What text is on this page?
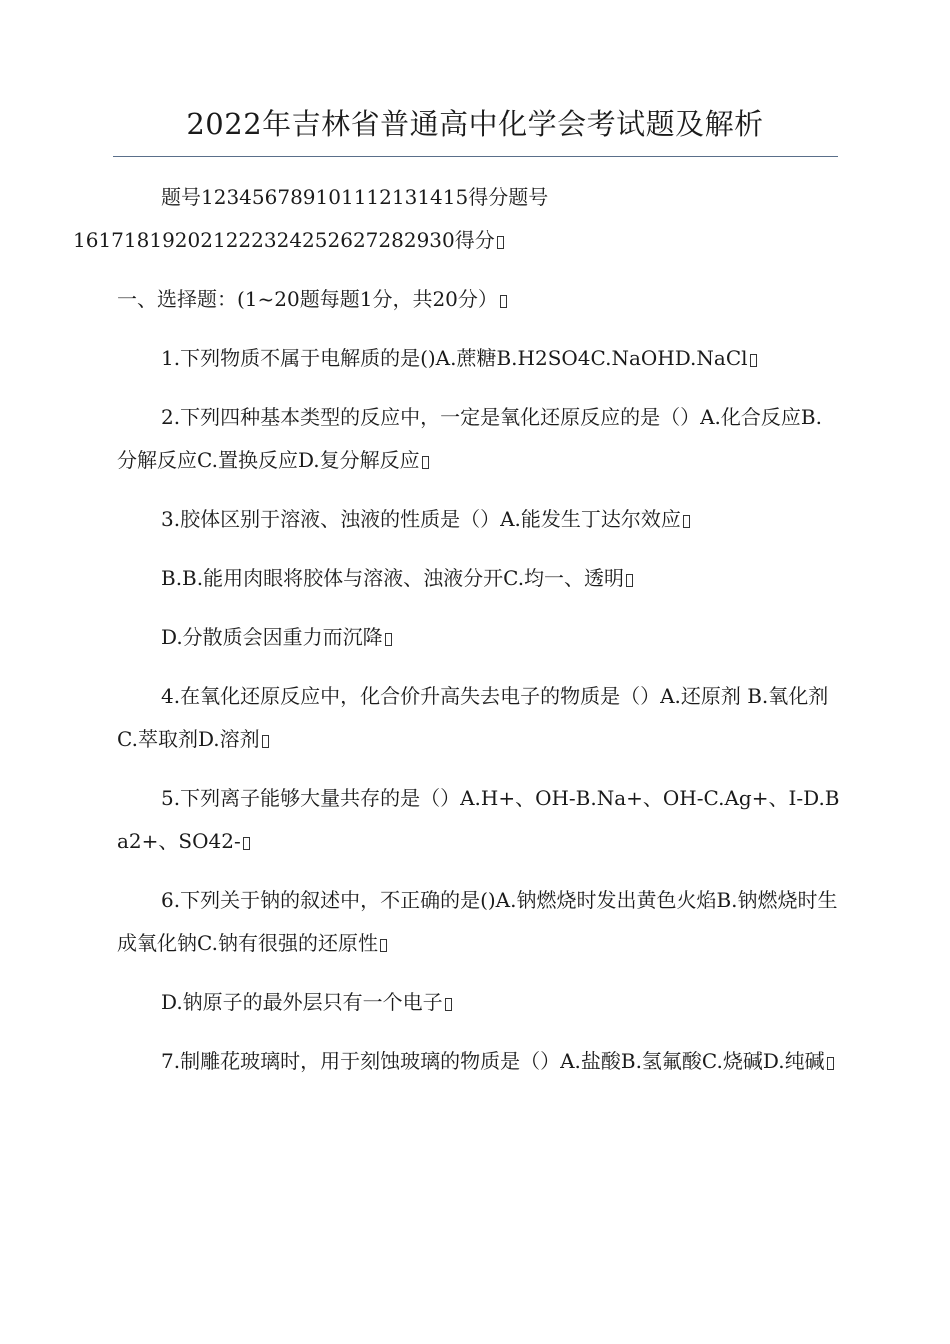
2022年吉林省普通高中化学会考试题及解析

题号123456789101112131415得分题号
161718192021222324252627282930得分

一、选择题：(1~20题每题1分，共20分）

1.下列物质不属于电解质的是()A.蔗糖B.H2SO4C.NaOHD.NaCl

2.下列四种基本类型的反应中，一定是氧化还原反应的是（）A.化合反应B.分解反应C.置换反应D.复分解反应

3.胶体区别于溶液、浊液的性质是（）A.能发生丁达尔效应

B.B.能用肉眼将胶体与溶液、浊液分开C.均一、透明

D.分散质会因重力而沉降

4.在氧化还原反应中，化合价升高失去电子的物质是（）A.还原剂 B.氧化剂C.萃取剂D.溶剂

5.下列离子能够大量共存的是（）A.H+、OH-B.Na+、OH-C.Ag+、I-D.Ba2+、SO42-

6.下列关于钠的叙述中，不正确的是()A.钠燃烧时发出黄色火焰B.钠燃烧时生成氧化钠C.钠有很强的还原性

D.钠原子的最外层只有一个电子

7.制雕花玻璃时，用于刻蚀玻璃的物质是（）A.盐酸B.氢氟酸C.烧碱D.纯碱
